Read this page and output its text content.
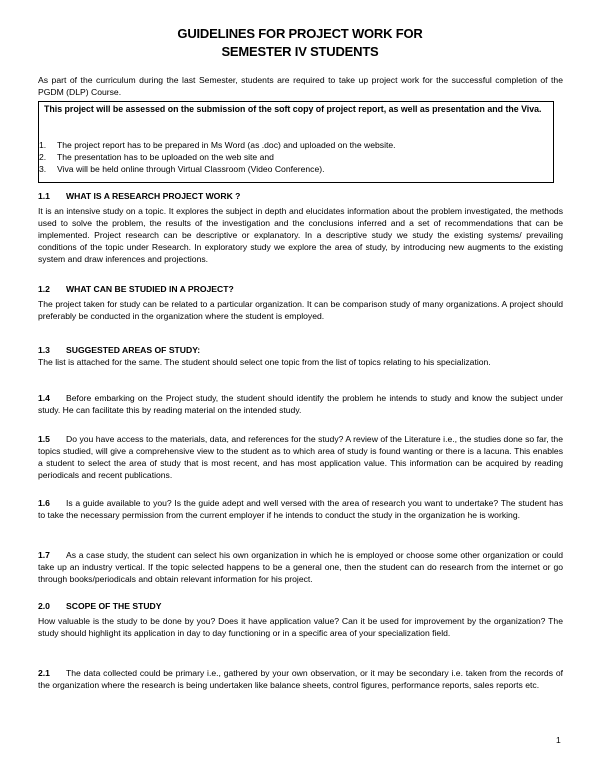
GUIDELINES FOR PROJECT WORK FOR
SEMESTER IV STUDENTS
As part of the curriculum during the last Semester, students are required to take up project work for the successful completion of the PGDM (DLP) Course.
This project will be assessed on the submission of the soft copy of project report, as well as presentation and the Viva.
1. The project report has to be prepared in Ms Word (as .doc) and uploaded on the website.
2. The presentation has to be uploaded on the web site and
3. Viva will be held online through Virtual Classroom (Video Conference).
1.1 WHAT IS A RESEARCH PROJECT WORK ?
It is an intensive study on a topic. It explores the subject in depth and elucidates information about the problem investigated, the methods used to solve the problem, the results of the investigation and the conclusions inferred and a set of recommendations that can be implemented. Project research can be descriptive or explanatory. In a descriptive study we study the existing systems/ prevailing conditions of the topic under Research. In exploratory study we explore the area of study, by introducing new augments to the existing system and draw inferences and projections.
1.2 WHAT CAN BE STUDIED IN A PROJECT?
The project taken for study can be related to a particular organization. It can be comparison study of many organizations. A project should preferably be conducted in the organization where the student is employed.
1.3 SUGGESTED AREAS OF STUDY:
The list is attached for the same. The student should select one topic from the list of topics relating to his specialization.
1.4 Before embarking on the Project study, the student should identify the problem he intends to study and know the subject under study. He can facilitate this by reading material on the intended study.
1.5 Do you have access to the materials, data, and references for the study? A review of the Literature i.e., the studies done so far, the topics studied, will give a comprehensive view to the student as to which area of study is found wanting or there is a lacuna. This enables a student to select the area of study that is most recent, and has most application value. This information can be acquired by reading periodicals and recent publications.
1.6 Is a guide available to you? Is the guide adept and well versed with the area of research you want to undertake? The student has to take the necessary permission from the current employer if he intends to conduct the study in the organization he is working.
1.7 As a case study, the student can select his own organization in which he is employed or choose some other organization or could take up an industry vertical. If the topic selected happens to be a general one, then the student can do research from the internet or go through books/periodicals and obtain relevant information for his project.
2.0 SCOPE OF THE STUDY
How valuable is the study to be done by you? Does it have application value? Can it be used for improvement by the organization? The study should highlight its application in day to day functioning or in a specific area of your specialization field.
2.1 The data collected could be primary i.e., gathered by your own observation, or it may be secondary i.e. taken from the records of the organization where the research is being undertaken like balance sheets, control figures, performance reports, sales reports etc.
1
